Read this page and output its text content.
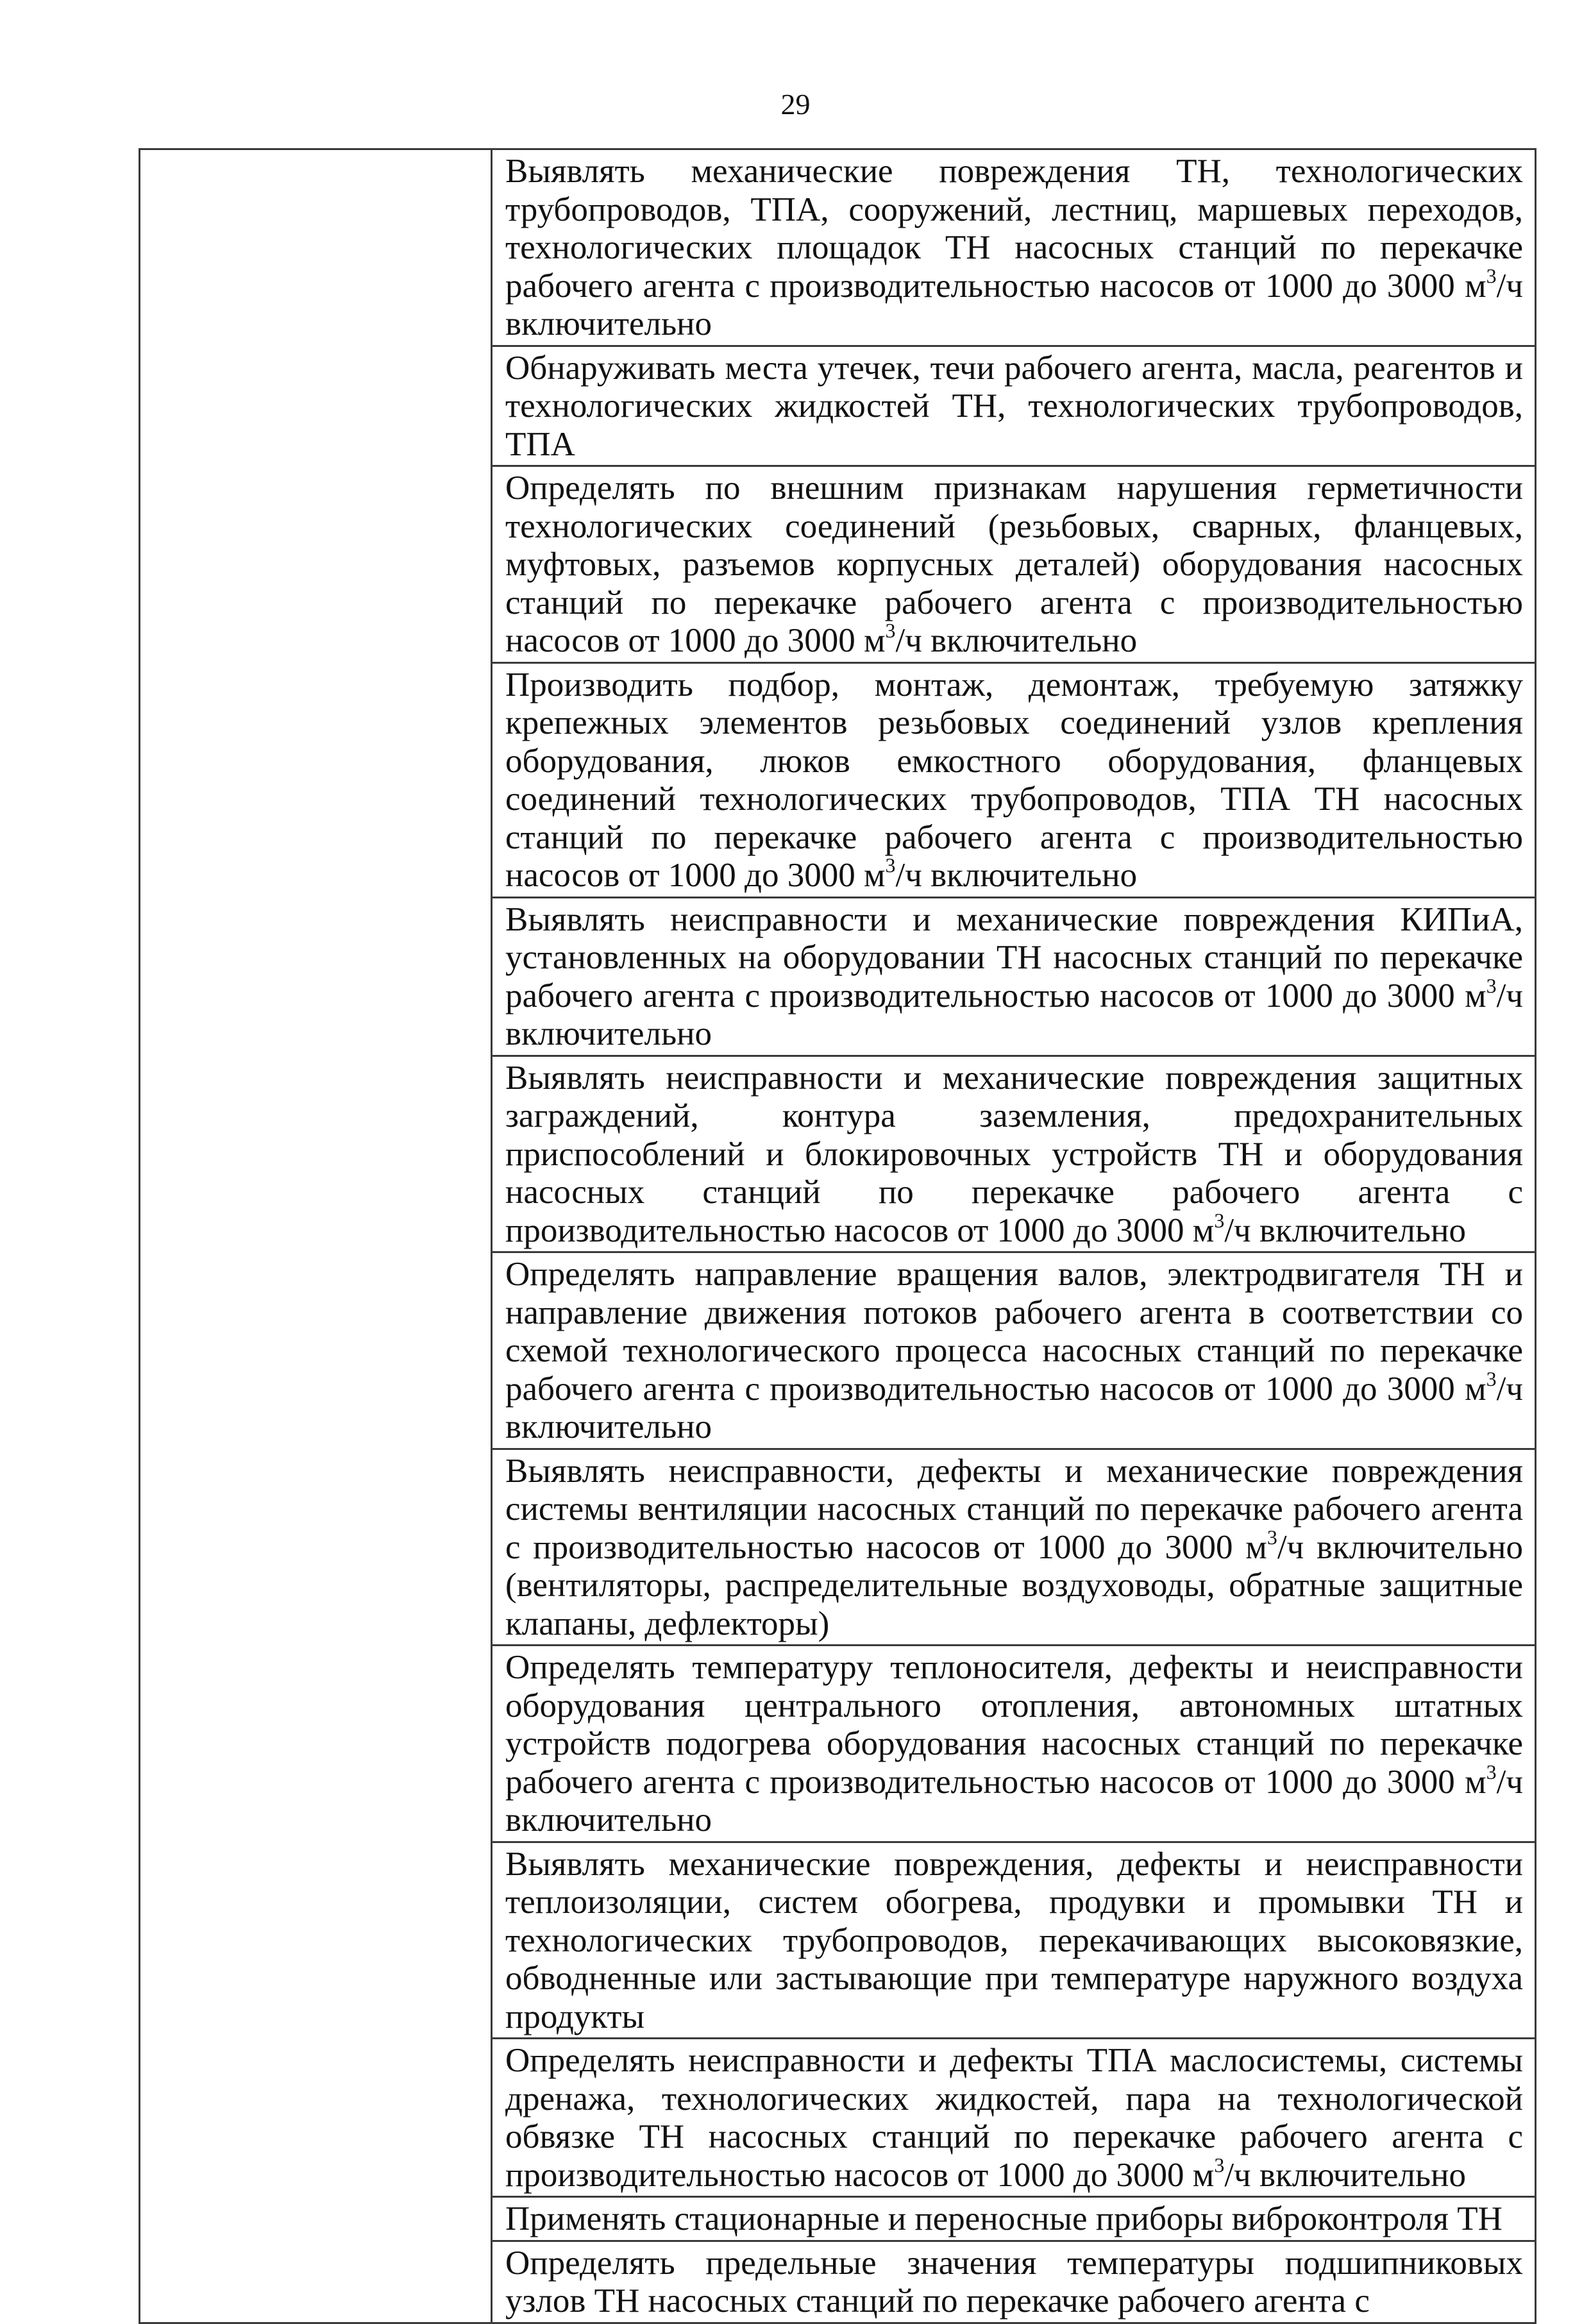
29

Выявлять механические повреждения ТН, технологических трубопроводов, ТПА, сооружений, лестниц, маршевых переходов, технологических площадок ТН насосных станций по перекачке рабочего агента с производительностью насосов от 1000 до 3000 $м^3/ч$ включительно

Обнаруживать места утечек, течи рабочего агента, масла, реагентов и технологических жидкостей ТН, технологических трубопроводов, ТПА

Определять по внешним признакам нарушения герметичности технологических соединений (резьбовых, сварных, фланцевых, муфтовых, разъемов корпусных деталей) оборудования насосных станций по перекачке рабочего агента с производительностью насосов от 1000 до 3000 $м^3/ч$ включительно

Производить подбор, монтаж, демонтаж, требуемую затяжку крепежных элементов резьбовых соединений узлов крепления оборудования, люков емкостного оборудования, фланцевых соединений технологических трубопроводов, ТПА ТН насосных станций по перекачке рабочего агента с производительностью насосов от 1000 до 3000 $м^3/ч$ включительно

Выявлять неисправности и механические повреждения КИПиА, установленных на оборудовании ТН насосных станций по перекачке рабочего агента с производительностью насосов от 1000 до 3000 $м^3/ч$ включительно

Выявлять неисправности и механические повреждения защитных заграждений, контура заземления, предохранительных приспособлений и блокировочных устройств ТН и оборудования насосных станций по перекачке рабочего агента с производительностью насосов от 1000 до 3000 $м^3/ч$ включительно

Определять направление вращения валов, электродвигателя ТН и направление движения потоков рабочего агента в соответствии со схемой технологического процесса насосных станций по перекачке рабочего агента с производительностью насосов от 1000 до 3000 $м^3/ч$ включительно

Выявлять неисправности, дефекты и механические повреждения системы вентиляции насосных станций по перекачке рабочего агента с производительностью насосов от 1000 до 3000 $м^3/ч$ включительно (вентиляторы, распределительные воздуховоды, обратные защитные клапаны, дефлекторы)

Определять температуру теплоносителя, дефекты и неисправности оборудования центрального отопления, автономных штатных устройств подогрева оборудования насосных станций по перекачке рабочего агента с производительностью насосов от 1000 до 3000 $м^3/ч$ включительно

Выявлять механические повреждения, дефекты и неисправности теплоизоляции, систем обогрева, продувки и промывки ТН и технологических трубопроводов, перекачивающих высоковязкие, обводненные или застывающие при температуре наружного воздуха продукты

Определять неисправности и дефекты ТПА маслосистемы, системы дренажа, технологических жидкостей, пара на технологической обвязке ТН насосных станций по перекачке рабочего агента с производительностью насосов от 1000 до 3000 $м^3/ч$ включительно

Применять стационарные и переносные приборы виброконтроля ТН

Определять предельные значения температуры подшипниковых узлов ТН насосных станций по перекачке рабочего агента с
